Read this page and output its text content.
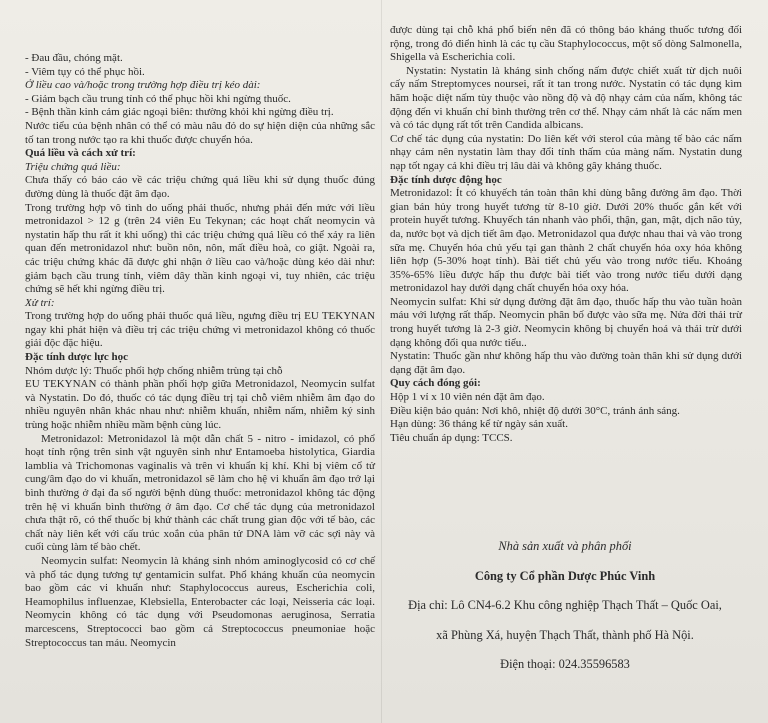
- Đau đầu, chóng mặt.

- Viêm tụy có thể phục hồi.

Ở liều cao và/hoặc trong trường hợp điều trị kéo dài:

- Giảm bạch cầu trung tính có thể phục hồi khi ngừng thuốc.

- Bệnh thần kinh cảm giác ngoại biên: thường khỏi khi ngừng điều trị.

Nước tiểu của bệnh nhân có thể có màu nâu đỏ do sự hiện diện của những sắc tố tan trong nước tạo ra khi thuốc được chuyển hóa.

Quá liều và cách xử trí:

Triệu chứng quá liều:

Chưa thấy có báo cáo về các triệu chứng quá liều khi sử dụng thuốc đúng đường dùng là thuốc đặt âm đạo.

Trong trường hợp vô tình do uống phải thuốc, nhưng phải đến mức với liều metronidazol > 12 g (trên 24 viên Eu Tekynan; các hoạt chất neomycin và nystatin hấp thu rất ít khi uống) thì các triệu chứng quá liều có thể xảy ra liên quan đến metronidazol như: buồn nôn, nôn, mất điều hoà, co giật. Ngoài ra, các triệu chứng khác đã được ghi nhận ở liều cao và/hoặc dùng kéo dài như: giảm bạch cầu trung tính, viêm dây thần kinh ngoại vi, tuy nhiên, các triệu chứng sẽ hết khi ngừng điều trị.

Xử trí:

Trong trường hợp do uống phải thuốc quá liều, ngưng điều trị EU TEKYNAN ngay khi phát hiện và điều trị các triệu chứng vì metronidazol không có thuốc giải độc đặc hiệu.

Đặc tính dược lực học

Nhóm dược lý: Thuốc phối hợp chống nhiễm trùng tại chỗ

EU TEKYNAN có thành phần phối hợp giữa Metronidazol, Neomycin sulfat và Nystatin. Do đó, thuốc có tác dụng điều trị tại chỗ viêm nhiễm âm đạo do nhiều nguyên nhân khác nhau như: nhiễm khuẩn, nhiễm nấm, nhiễm ký sinh trùng hoặc nhiễm nhiều mầm bệnh cùng lúc.

Metronidazol: Metronidazol là một dẫn chất 5 - nitro - imidazol, có phổ hoạt tính rộng trên sinh vật nguyên sinh như Entamoeba histolytica, Giardia lamblia và Trichomonas vaginalis và trên vi khuẩn kị khí. Khi bị viêm cổ tử cung/âm đạo do vi khuẩn, metronidazol sẽ làm cho hệ vi khuẩn âm đạo trở lại bình thường ở đại đa số người bệnh dùng thuốc: metronidazol không tác động trên hệ vi khuẩn bình thường ở âm đạo. Cơ chế tác dụng của metronidazol chưa thật rõ, có thể thuốc bị khử thành các chất trung gian độc với tế bào, các chất này liên kết với cấu trúc xoắn của phân tử DNA làm vỡ các sợi này và cuối cùng làm tế bào chết.

Neomycin sulfat: Neomycin là kháng sinh nhóm aminoglycosid có cơ chế và phổ tác dụng tương tự gentamicin sulfat. Phổ kháng khuẩn của neomycin bao gồm các vi khuẩn như: Staphylococcus aureus, Escherichia coli, Heamophilus influenzae, Klebsiella, Enterobacter các loại, Neisseria các loại. Neomycin không có tác dụng với Pseudomonas aeruginosa, Serratia marcescens, Streptococci bao gồm cả Streptococcus pneumoniae hoặc Streptococcus tan máu. Neomycin

được dùng tại chỗ khá phổ biến nên đã có thông báo kháng thuốc tương đối rộng, trong đó điển hình là các tụ cầu Staphylococcus, một số dòng Salmonella, Shigella và Escherichia coli.

Nystatin: Nystatin là kháng sinh chống nấm được chiết xuất từ dịch nuôi cấy nấm Streptomyces noursei, rất ít tan trong nước. Nystatin có tác dụng kìm hãm hoặc diệt nấm tùy thuộc vào nồng độ và độ nhạy cảm của nấm, không tác động đến vi khuẩn chí bình thường trên cơ thể. Nhạy cảm nhất là các nấm men và có tác dụng rất tốt trên Candida albicans.

Cơ chế tác dụng của nystatin: Do liên kết với sterol của màng tế bào các nấm nhạy cảm nên nystatin làm thay đổi tính thấm của màng nấm. Nystatin dung nạp tốt ngay cả khi điều trị lâu dài và không gây kháng thuốc.

Đặc tính dược động học

Metronidazol: Ít có khuyếch tán toàn thân khi dùng bằng đường âm đạo. Thời gian bán hủy trong huyết tương từ 8-10 giờ. Dưới 20% thuốc gắn kết với protein huyết tương. Khuyếch tán nhanh vào phổi, thận, gan, mật, dịch não tủy, da, nước bọt và dịch tiết âm đạo. Metronidazol qua được nhau thai và vào trong sữa mẹ. Chuyển hóa chủ yếu tại gan thành 2 chất chuyển hóa oxy hóa không liên hợp (5-30% hoạt tính). Bài tiết chủ yếu vào trong nước tiểu. Khoảng 35%-65% liều được hấp thu được bài tiết vào trong nước tiểu dưới dạng metronidazol hay dưới dạng chất chuyển hóa oxy hóa.

Neomycin sulfat: Khi sử dụng đường đặt âm đạo, thuốc hấp thu vào tuần hoàn máu với lượng rất thấp. Neomycin phân bố được vào sữa mẹ. Nửa đời thải trừ trong huyết tương là 2-3 giờ. Neomycin không bị chuyển hoá và thải trừ dưới dạng không đổi qua nước tiểu..

Nystatin: Thuốc gần như không hấp thu vào đường toàn thân khi sử dụng dưới dạng đặt âm đạo.

Quy cách đóng gói:

Hộp 1 vỉ x 10 viên nén đặt âm đạo.

Điều kiện bảo quản: Nơi khô, nhiệt độ dưới 30°C, tránh ánh sáng.

Hạn dùng: 36 tháng kể từ ngày sản xuất.

Tiêu chuẩn áp dụng: TCCS.

Nhà sản xuất và phân phối

Công ty Cổ phần Dược Phúc Vinh

Địa chỉ: Lô CN4-6.2 Khu công nghiệp Thạch Thất – Quốc Oai,

xã Phùng Xá, huyện Thạch Thất, thành phố Hà Nội.

Điện thoại: 024.35596583
